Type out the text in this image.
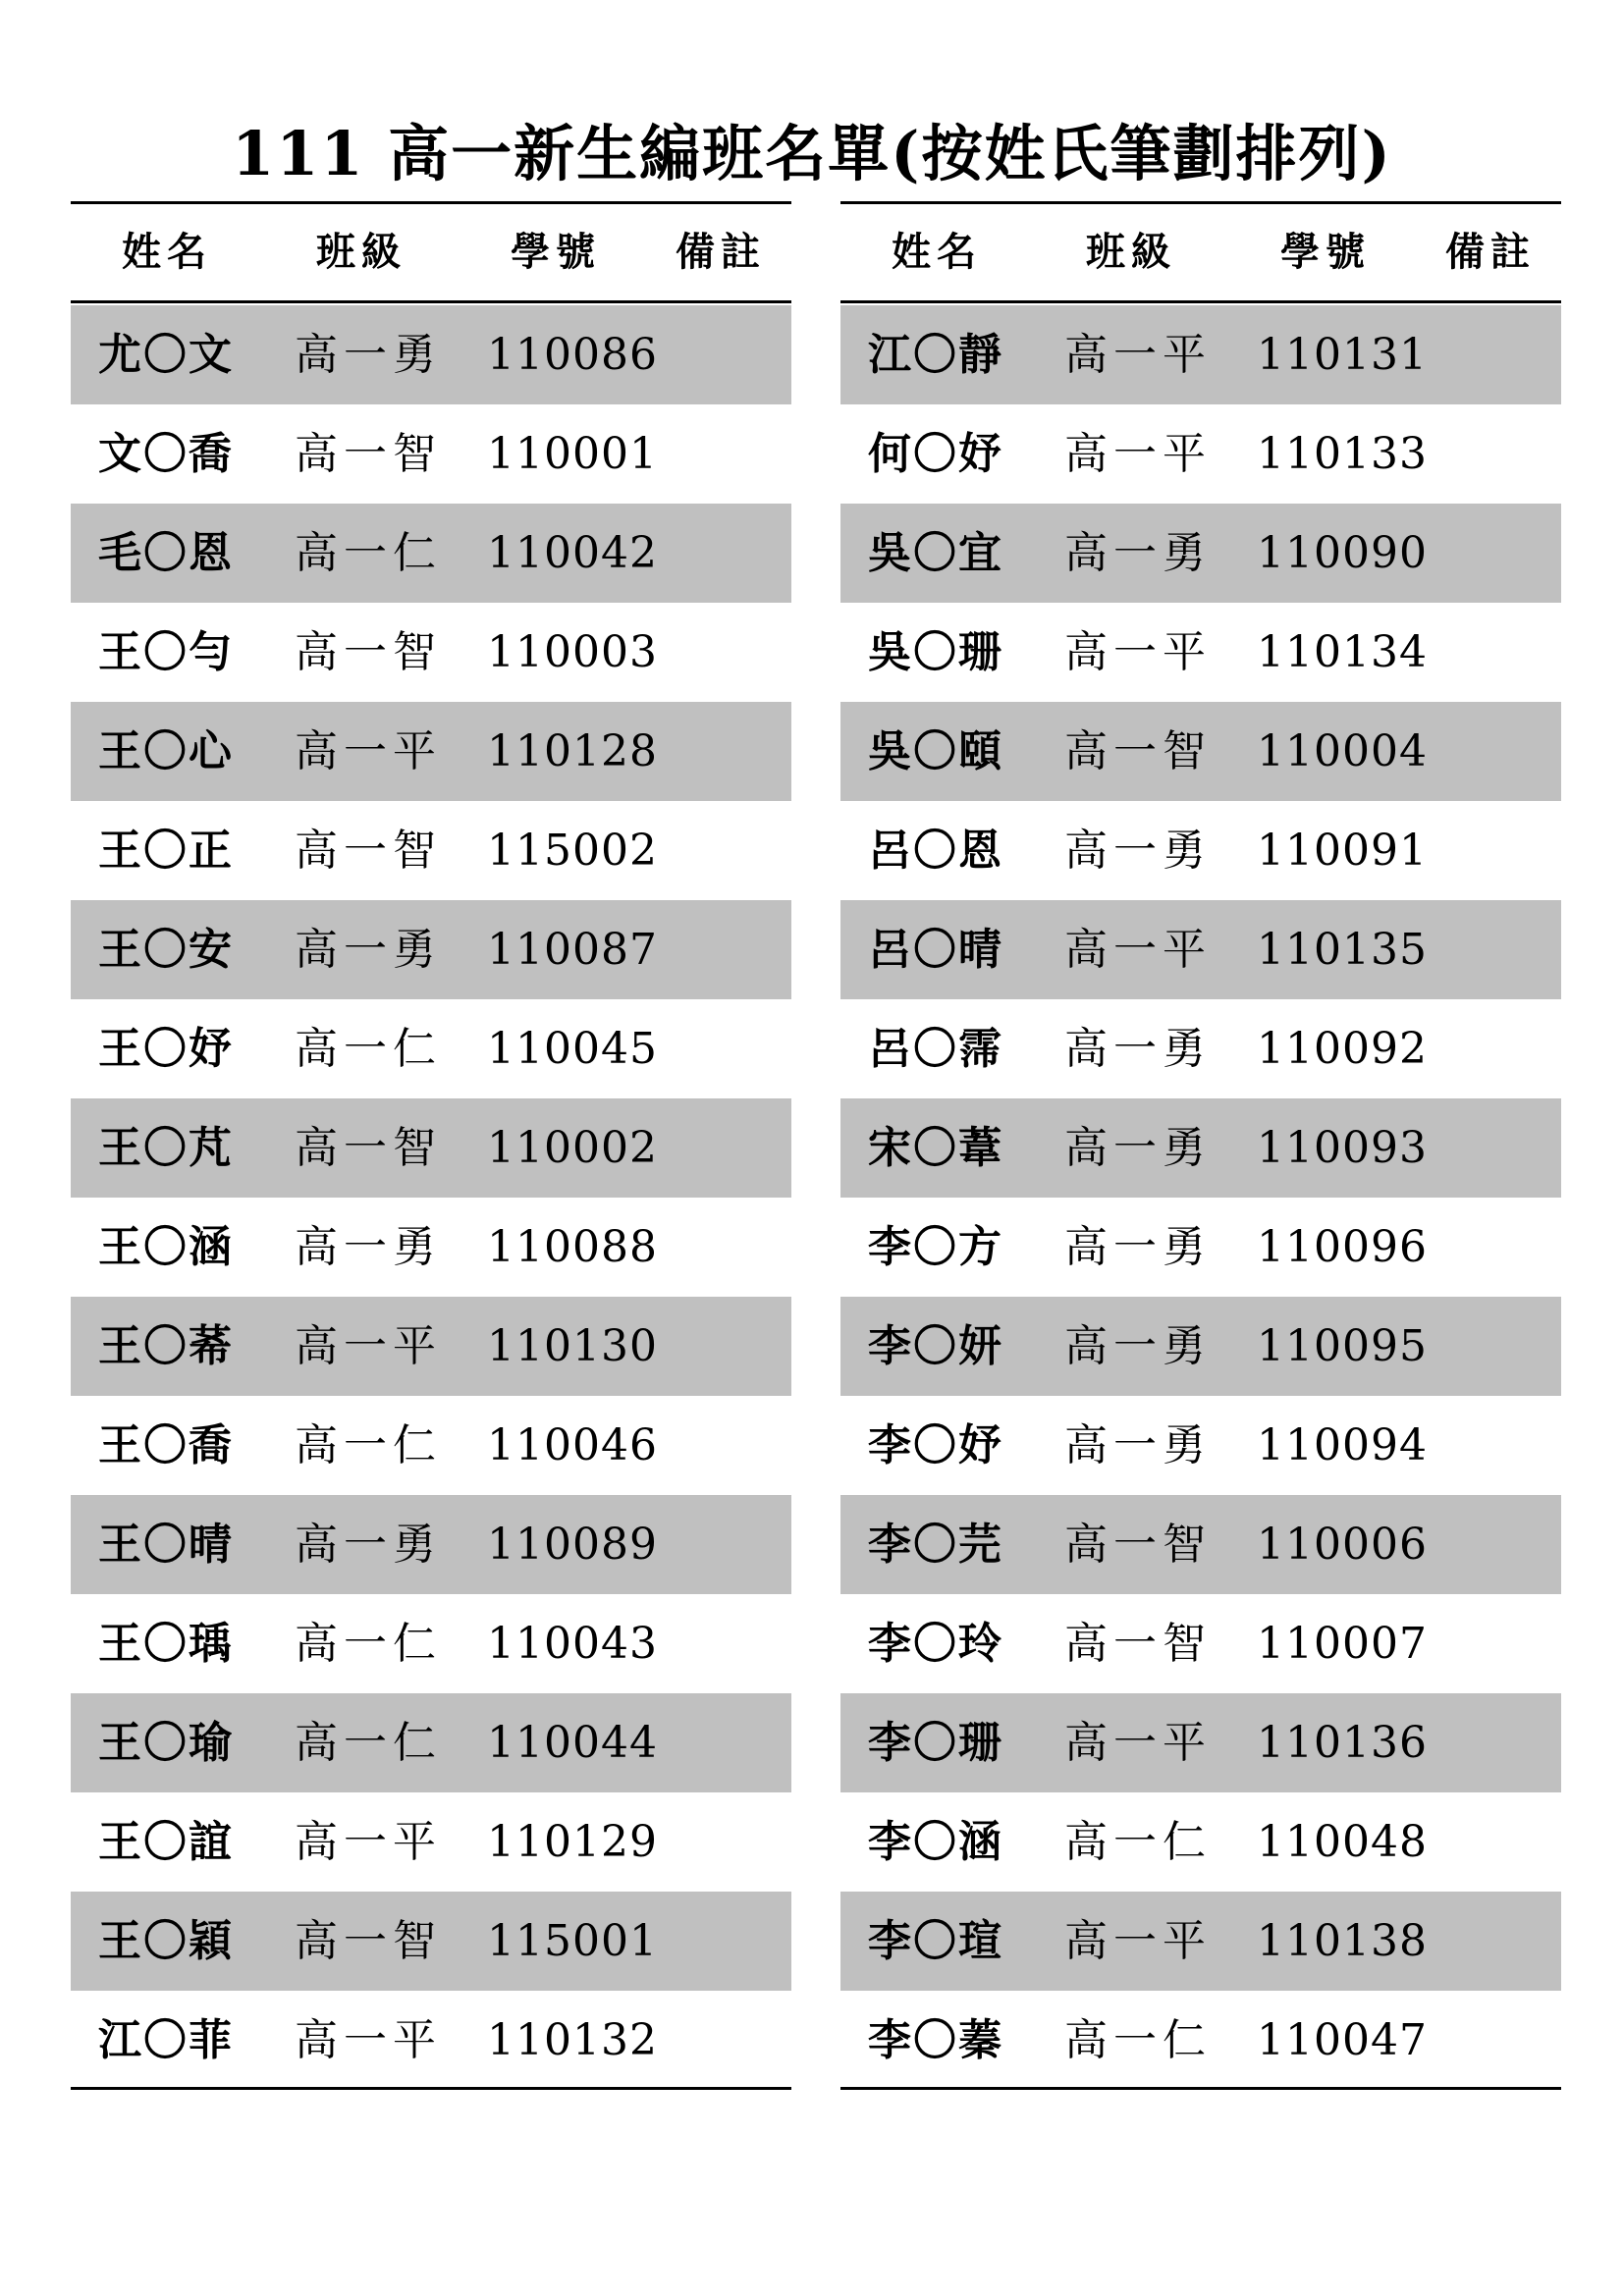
111 高一新生編班名單(按姓氏筆劃排列)
姓名	班級	學號 備註
尤〇文 高一勇 110086
文〇喬 高一智 110001
毛〇恩 高一仁 110042
王〇勻 高一智 110003
王〇心 高一平 110128
王〇正 高一智 115002
王〇安 高一勇 110087
王〇妤 高一仁 110045
王〇芃 高一智 110002
王〇涵 高一勇 110088
王〇莃 高一平 110130
王〇喬 高一仁 110046
王〇晴 高一勇 110089
王〇瑀 高一仁 110043
王〇瑜 高一仁 110044
王〇誼 高一平 110129
王〇穎 高一智 115001
江〇菲 高一平 110132
姓名	班級	學號 備註
江〇靜 高一平 110131
何〇妤 高一平 110133
吳〇宜 高一勇 110090
吳〇珊 高一平 110134
吳〇頤 高一智 110004
呂〇恩 高一勇 110091
呂〇晴 高一平 110135
呂〇霈 高一勇 110092
宋〇葦 高一勇 110093
李〇方 高一勇 110096
李〇妍 高一勇 110095
李〇妤 高一勇 110094
李〇芫 高一智 110006
李〇玲 高一智 110007
李〇珊 高一平 110136
李〇涵 高一仁 110048
李〇瑄 高一平 110138
李〇蓁 高一仁 110047
